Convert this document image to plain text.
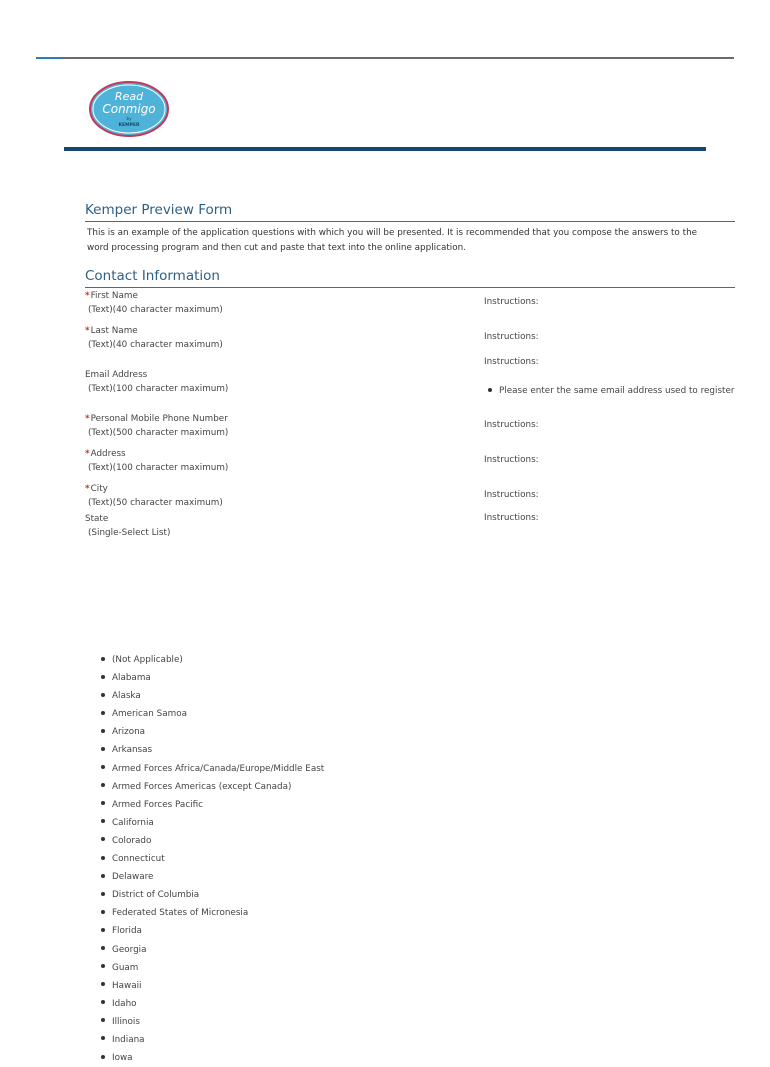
Read
Conmigo
by
KEMPER
Kemper Preview Form
This is an example of the application questions with which you will be presented. It is recommended that you compose the answers to the
word processing program and then cut and paste that text into the online application.
Contact Information
*First Name
(Text)(40 character maximum)
Instructions:
*Last Name
(Text)(40 character maximum)
Instructions:
Instructions:
Email Address
(Text)(100 character maximum)	Please enter the same email address used to register
*Personal Mobile Phone Number
(Text)(500 character maximum)
Instructions:
*Address
(Text)(100 character maximum)
Instructions:
*City
(Text)(50 character maximum)
Instructions:
State
(Single-Select List)
Instructions:
(Not Applicable)
Alabama
Alaska
American Samoa
Arizona
Arkansas
Armed Forces Africa/Canada/Europe/Middle East
Armed Forces Americas (except Canada)
Armed Forces Pacific
California
Colorado
Connecticut
Delaware
District of Columbia
Federated States of Micronesia
Florida
Georgia
Guam
Hawaii
Idaho
Illinois
Indiana
Iowa
